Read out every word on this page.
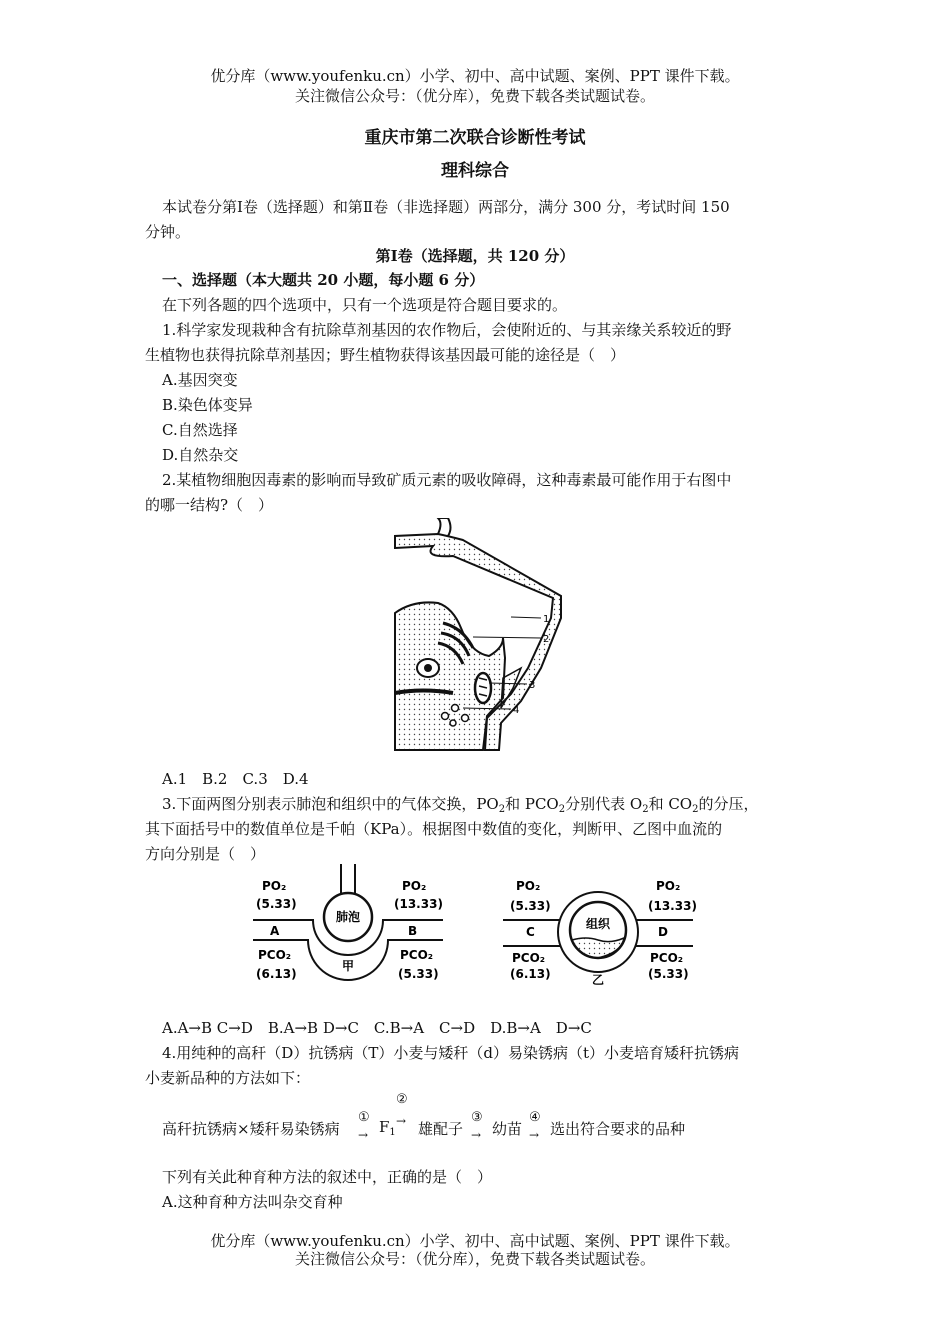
优分库（www.youfenku.cn）小学、初中、高中试题、案例、PPT 课件下载。
关注微信公众号：（优分库），免费下载各类试题试卷。
重庆市第二次联合诊断性考试
理科综合
本试卷分第Ⅰ卷（选择题）和第Ⅱ卷（非选择题）两部分，满分 300 分，考试时间 150
分钟。
第Ⅰ卷（选择题，共 120 分）
一、选择题（本大题共 20 小题，每小题 6 分）
在下列各题的四个选项中，只有一个选项是符合题目要求的。
1.科学家发现栽种含有抗除草剂基因的农作物后，会使附近的、与其亲缘关系较近的野
生植物也获得抗除草剂基因；野生植物获得该基因最可能的途径是（　）
A.基因突变
B.染色体变异
C.自然选择
D.自然杂交
2.某植物细胞因毒素的影响而导致矿质元素的吸收障碍，这种毒素最可能作用于右图中
的哪一结构?（　）
1
2
3
4
A.1　B.2　C.3　D.4
3.下面两图分别表示肺泡和组织中的气体交换，$PO_2$和 $PCO_2$分别代表 $O_2$和 $CO_2$的分压，
其下面括号中的数值单位是千帕（KPa）。根据图中数值的变化，判断甲、乙图中血流的
方向分别是（　）
肺泡
PO₂
(5.33)
PO₂
(13.33)
A	B
PCO₂
(6.13)
PCO₂
(5.33)
甲
组织
PO₂
(5.33)
PO₂
(13.33)
C	D
PCO₂
(6.13)
PCO₂
(5.33)
乙
A.A→B C→D　B.A→B D→C　C.B→A　C→D　D.B→A　D→C
4.用纯种的高秆（D）抗锈病（T）小麦与矮秆（d）易染锈病（t）小麦培育矮秆抗锈病
小麦新品种的方法如下：
高秆抗锈病×矮秆易染锈病
①
→ $F_1$
②
→ 雄配子
③
→ 幼苗
④
→ 选出符合要求的品种
下列有关此种育种方法的叙述中，正确的是（　）
A.这种育种方法叫杂交育种
优分库（www.youfenku.cn）小学、初中、高中试题、案例、PPT 课件下载。
关注微信公众号：（优分库），免费下载各类试题试卷。
